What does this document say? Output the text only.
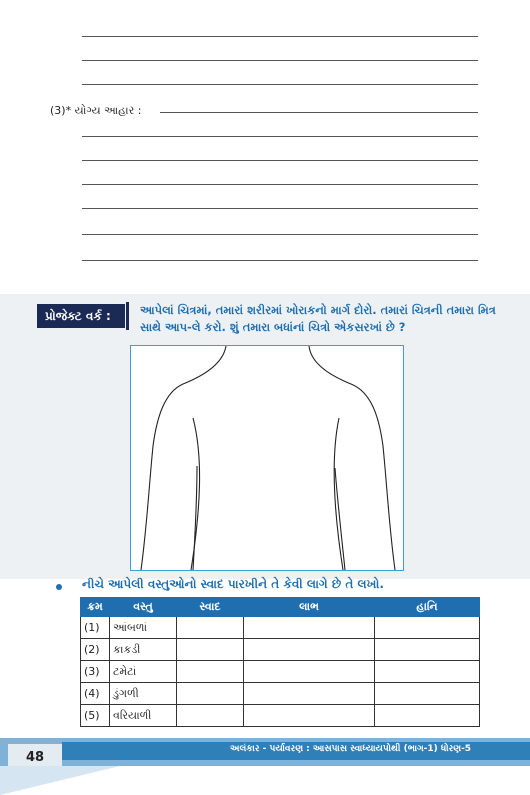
(3)* યોગ્ય આહાર :
પ્રોજેક્ટ વર્ક :	આપેલાં ચિત્રમાં, તમારાં શરીરમાં ખોરાકનો માર્ગ દોરો. તમારાં ચિત્રની તમારા મિત્ર સાથે આપ-લે કરો. શું તમારા બધાંનાં ચિત્રો એકસરખાં છે ?
નીચે આપેલી વસ્તુઓનો સ્વાદ પારખીને તે કેવી લાગે છે તે લખો.
ક્રમ	વસ્તુ	સ્વાદ	લાભ	હાનિ
(1)	આંબળાં			
(2)	કાકડી			
(3)	ટમેટાં			
(4)	ડુંગળી			
(5)	વરિયાળી			
અલંકાર - પર્યાવરણ : આસપાસ સ્વાધ્યાયપોથી (ભાગ-1) ધોરણ-5
48
